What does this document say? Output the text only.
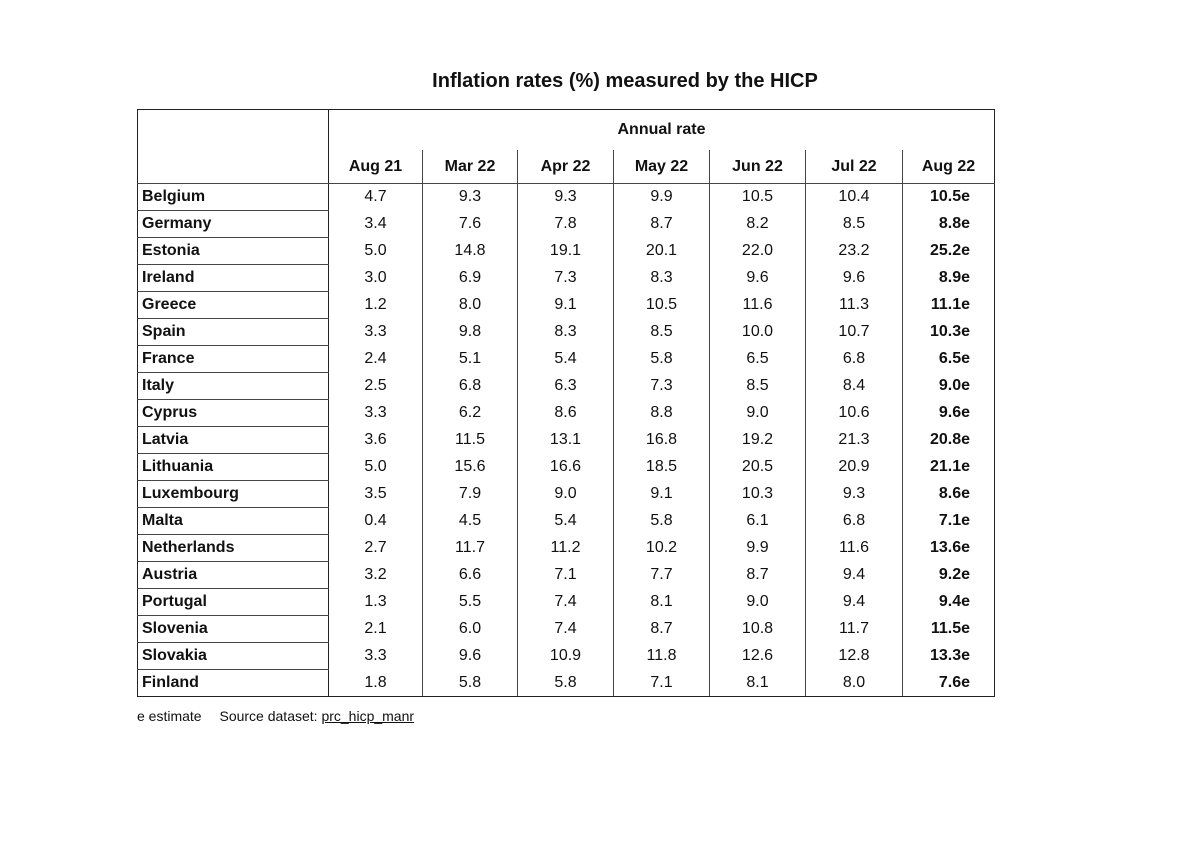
Inflation rates (%) measured by the HICP
	Annual rate						
	Aug 21	Mar 22	Apr 22	May 22	Jun 22	Jul 22	Aug 22
Belgium	4.7	9.3	9.3	9.9	10.5	10.4	10.5e
Germany	3.4	7.6	7.8	8.7	8.2	8.5	8.8e
Estonia	5.0	14.8	19.1	20.1	22.0	23.2	25.2e
Ireland	3.0	6.9	7.3	8.3	9.6	9.6	8.9e
Greece	1.2	8.0	9.1	10.5	11.6	11.3	11.1e
Spain	3.3	9.8	8.3	8.5	10.0	10.7	10.3e
France	2.4	5.1	5.4	5.8	6.5	6.8	6.5e
Italy	2.5	6.8	6.3	7.3	8.5	8.4	9.0e
Cyprus	3.3	6.2	8.6	8.8	9.0	10.6	9.6e
Latvia	3.6	11.5	13.1	16.8	19.2	21.3	20.8e
Lithuania	5.0	15.6	16.6	18.5	20.5	20.9	21.1e
Luxembourg	3.5	7.9	9.0	9.1	10.3	9.3	8.6e
Malta	0.4	4.5	5.4	5.8	6.1	6.8	7.1e
Netherlands	2.7	11.7	11.2	10.2	9.9	11.6	13.6e
Austria	3.2	6.6	7.1	7.7	8.7	9.4	9.2e
Portugal	1.3	5.5	7.4	8.1	9.0	9.4	9.4e
Slovenia	2.1	6.0	7.4	8.7	10.8	11.7	11.5e
Slovakia	3.3	9.6	10.9	11.8	12.6	12.8	13.3e
Finland	1.8	5.8	5.8	7.1	8.1	8.0	7.6e
e estimate Source dataset: prc_hicp_manr
